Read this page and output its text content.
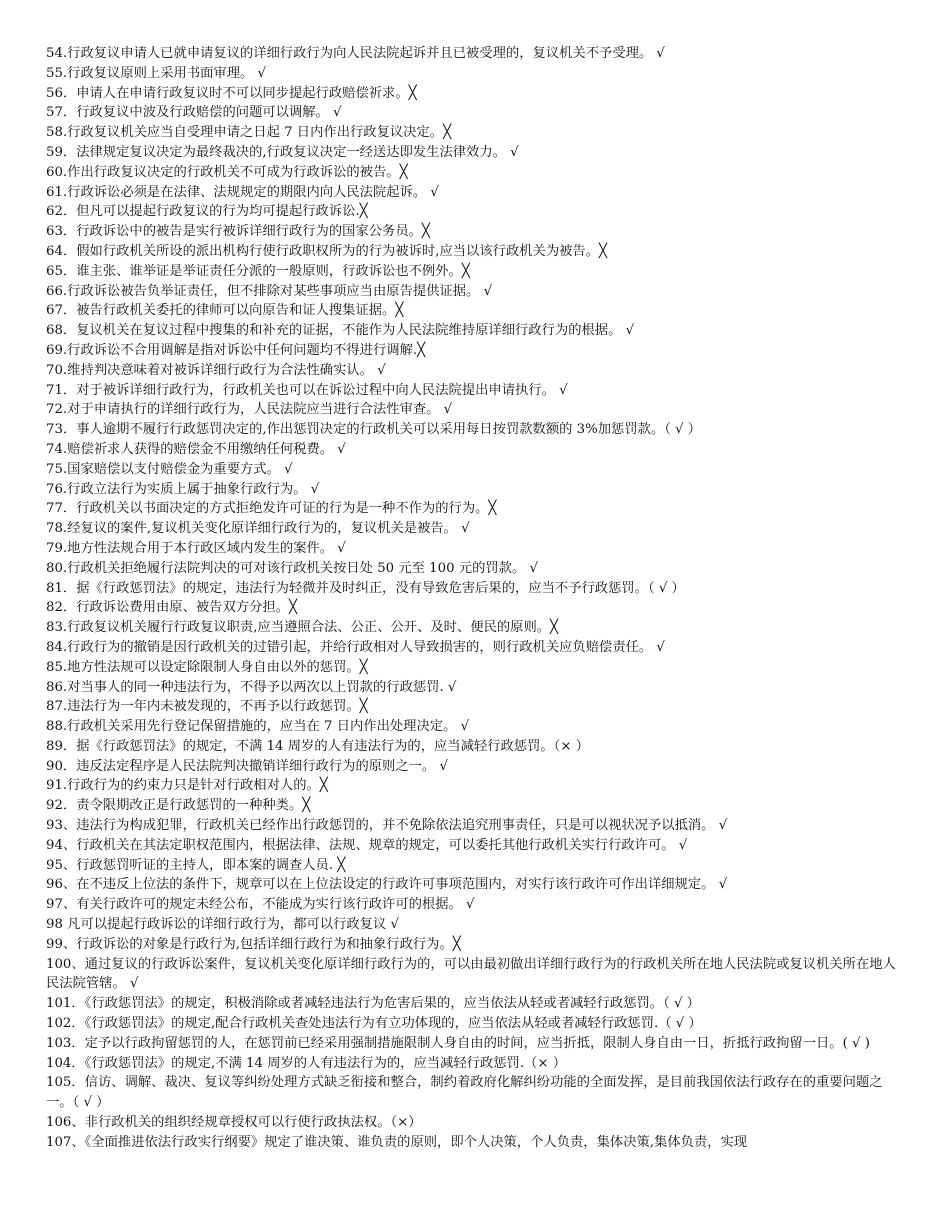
54.行政复议申请人已就申请复议的详细行政行为向人民法院起诉并且已被受理的，复议机关不予受理。 √
55.行政复议原则上采用书面审理。 √
56．申请人在申请行政复议时不可以同步提起行政赔偿祈求。╳
57．行政复议中波及行政赔偿的问题可以调解。 √
58.行政复议机关应当自受理申请之日起 7 日内作出行政复议决定。╳
59．法律规定复议决定为最终裁决的,行政复议决定一经送达即发生法律效力。 √
60.作出行政复议决定的行政机关不可成为行政诉讼的被告。╳
61.行政诉讼必须是在法律、法规规定的期限内向人民法院起诉。 √
62．但凡可以提起行政复议的行为均可提起行政诉讼.╳
63．行政诉讼中的被告是实行被诉详细行政行为的国家公务员。╳
64．假如行政机关所设的派出机构行使行政职权所为的行为被诉时,应当以该行政机关为被告。╳
65．谁主张、谁举证是举证责任分派的一般原则，行政诉讼也不例外。╳
66.行政诉讼被告负举证责任，但不排除对某些事项应当由原告提供证据。 √
67．被告行政机关委托的律师可以向原告和证人搜集证据。╳
68．复议机关在复议过程中搜集的和补充的证据，不能作为人民法院维持原详细行政行为的根据。 √
69.行政诉讼不合用调解是指对诉讼中任何问题均不得进行调解.╳
70.维持判决意味着对被诉详细行政行为合法性确实认。 √
71．对于被诉详细行政行为，行政机关也可以在诉讼过程中向人民法院提出申请执行。 √
72.对于申请执行的详细行政行为，人民法院应当进行合法性审查。 √
73．事人逾期不履行行政惩罚决定的,作出惩罚决定的行政机关可以采用每日按罚款数额的 3%加惩罚款。（ √ ）
74.赔偿祈求人获得的赔偿金不用缴纳任何税费。 √
75.国家赔偿以支付赔偿金为重要方式。 √
76.行政立法行为实质上属于抽象行政行为。 √
77．行政机关以书面决定的方式拒绝发许可证的行为是一种不作为的行为。╳
78.经复议的案件,复议机关变化原详细行政行为的，复议机关是被告。 √
79.地方性法规合用于本行政区域内发生的案件。 √
80.行政机关拒绝履行法院判决的可对该行政机关按日处 50 元至 100 元的罚款。 √
81．据《行政惩罚法》的规定，违法行为轻微并及时纠正，没有导致危害后果的，应当不予行政惩罚。（ √ ）
82．行政诉讼费用由原、被告双方分担。╳
83.行政复议机关履行行政复议职责,应当遵照合法、公正、公开、及时、便民的原则。╳
84.行政行为的撤销是因行政机关的过错引起，并给行政相对人导致损害的，则行政机关应负赔偿责任。 √
85.地方性法规可以设定除限制人身自由以外的惩罚。╳
86.对当事人的同一种违法行为，不得予以两次以上罚款的行政惩罚. √
87.违法行为一年内未被发现的，不再予以行政惩罚。╳
88.行政机关采用先行登记保留措施的，应当在 7 日内作出处理决定。 √
89．据《行政惩罚法》的规定，不满 14 周岁的人有违法行为的，应当减轻行政惩罚。（× ）
90．违反法定程序是人民法院判决撤销详细行政行为的原则之一。 √
91.行政行为的约束力只是针对行政相对人的。╳
92．责令限期改正是行政惩罚的一种种类。╳
93、违法行为构成犯罪，行政机关已经作出行政惩罚的，并不免除依法追究刑事责任，只是可以视状况予以抵消。 √
94、行政机关在其法定职权范围内，根据法律、法规、规章的规定，可以委托其他行政机关实行行政许可。 √
95、行政惩罚听证的主持人，即本案的调查人员. ╳
96、在不违反上位法的条件下，规章可以在上位法设定的行政许可事项范围内，对实行该行政许可作出详细规定。 √
97、有关行政许可的规定未经公布，不能成为实行该行政许可的根据。 √
98 凡可以提起行政诉讼的详细行政行为，都可以行政复议 √
99、行政诉讼的对象是行政行为,包括详细行政行为和抽象行政行为。╳
100、通过复议的行政诉讼案件，复议机关变化原详细行政行为的，可以由最初做出详细行政行为的行政机关所在地人民法院或复议机关所在地人民法院管辖。 √
101．《行政惩罚法》的规定，积极消除或者减轻违法行为危害后果的，应当依法从轻或者减轻行政惩罚。（ √ ）
102．《行政惩罚法》的规定,配合行政机关查处违法行为有立功体现的，应当依法从轻或者减轻行政惩罚.（ √ ）
103．定予以行政拘留惩罚的人，在惩罚前已经采用强制措施限制人身自由的时间，应当折抵，限制人身自由一日，折抵行政拘留一日。( √ )
104．《行政惩罚法》的规定,不满 14 周岁的人有违法行为的，应当减轻行政惩罚.（× ）
105．信访、调解、裁决、复议等纠纷处理方式缺乏衔接和整合，制约着政府化解纠纷功能的全面发挥，是目前我国依法行政存在的重要问题之一。（ √ ）
106、非行政机关的组织经规章授权可以行使行政执法权。（×）
107、《全面推进依法行政实行纲要》规定了谁决策、谁负责的原则，即个人决策，个人负责，集体决策,集体负责，实现
